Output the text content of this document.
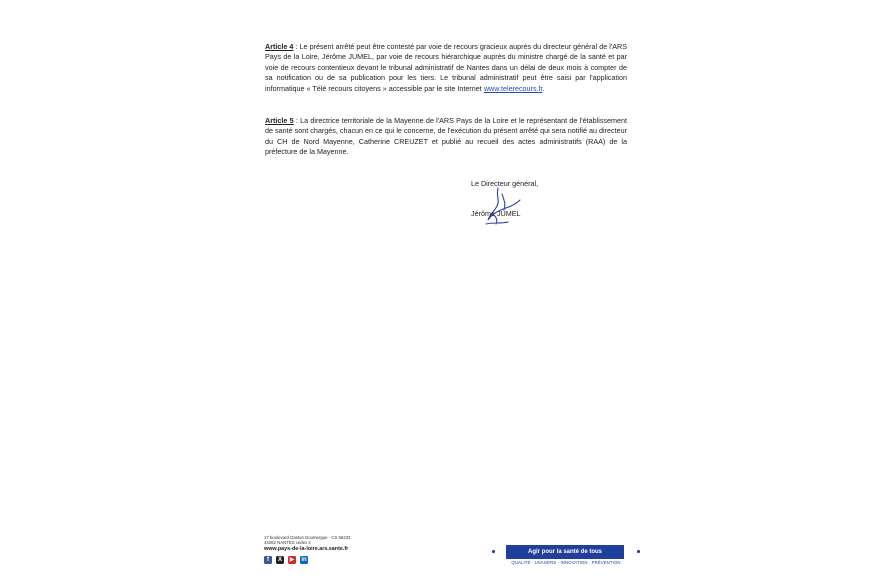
Article 4 : Le présent arrêté peut être contesté par voie de recours gracieux auprès du directeur général de l'ARS Pays de la Loire, Jérôme JUMEL, par voie de recours hiérarchique auprès du ministre chargé de la santé et par voie de recours contentieux devant le tribunal administratif de Nantes dans un délai de deux mois à compter de sa notification ou de sa publication pour les tiers. Le tribunal administratif peut être saisi par l'application informatique « Télé recours citoyens » accessible par le site Internet www.telerecours.fr.

Article 5 : La directrice territoriale de la Mayenne de l'ARS Pays de la Loire et le représentant de l'établissement de santé sont chargés, chacun en ce qui le concerne, de l'exécution du présent arrêté qui sera notifié au directeur du CH de Nord Mayenne, Catherine CREUZET et publié au recueil des actes administratifs (RAA) de la préfecture de la Mayenne.

Le Directeur général,
Jérôme JUMEL
17 boulevard Gaston Doumergue - CS 56233
44262 NANTES cedex 2
www.pays-de-la-loire.ars.sante.fr
f	X	▶ in
Agir pour la santé de tous
QUALITÉ · USAGERS · INNOVATION · PRÉVENTION
